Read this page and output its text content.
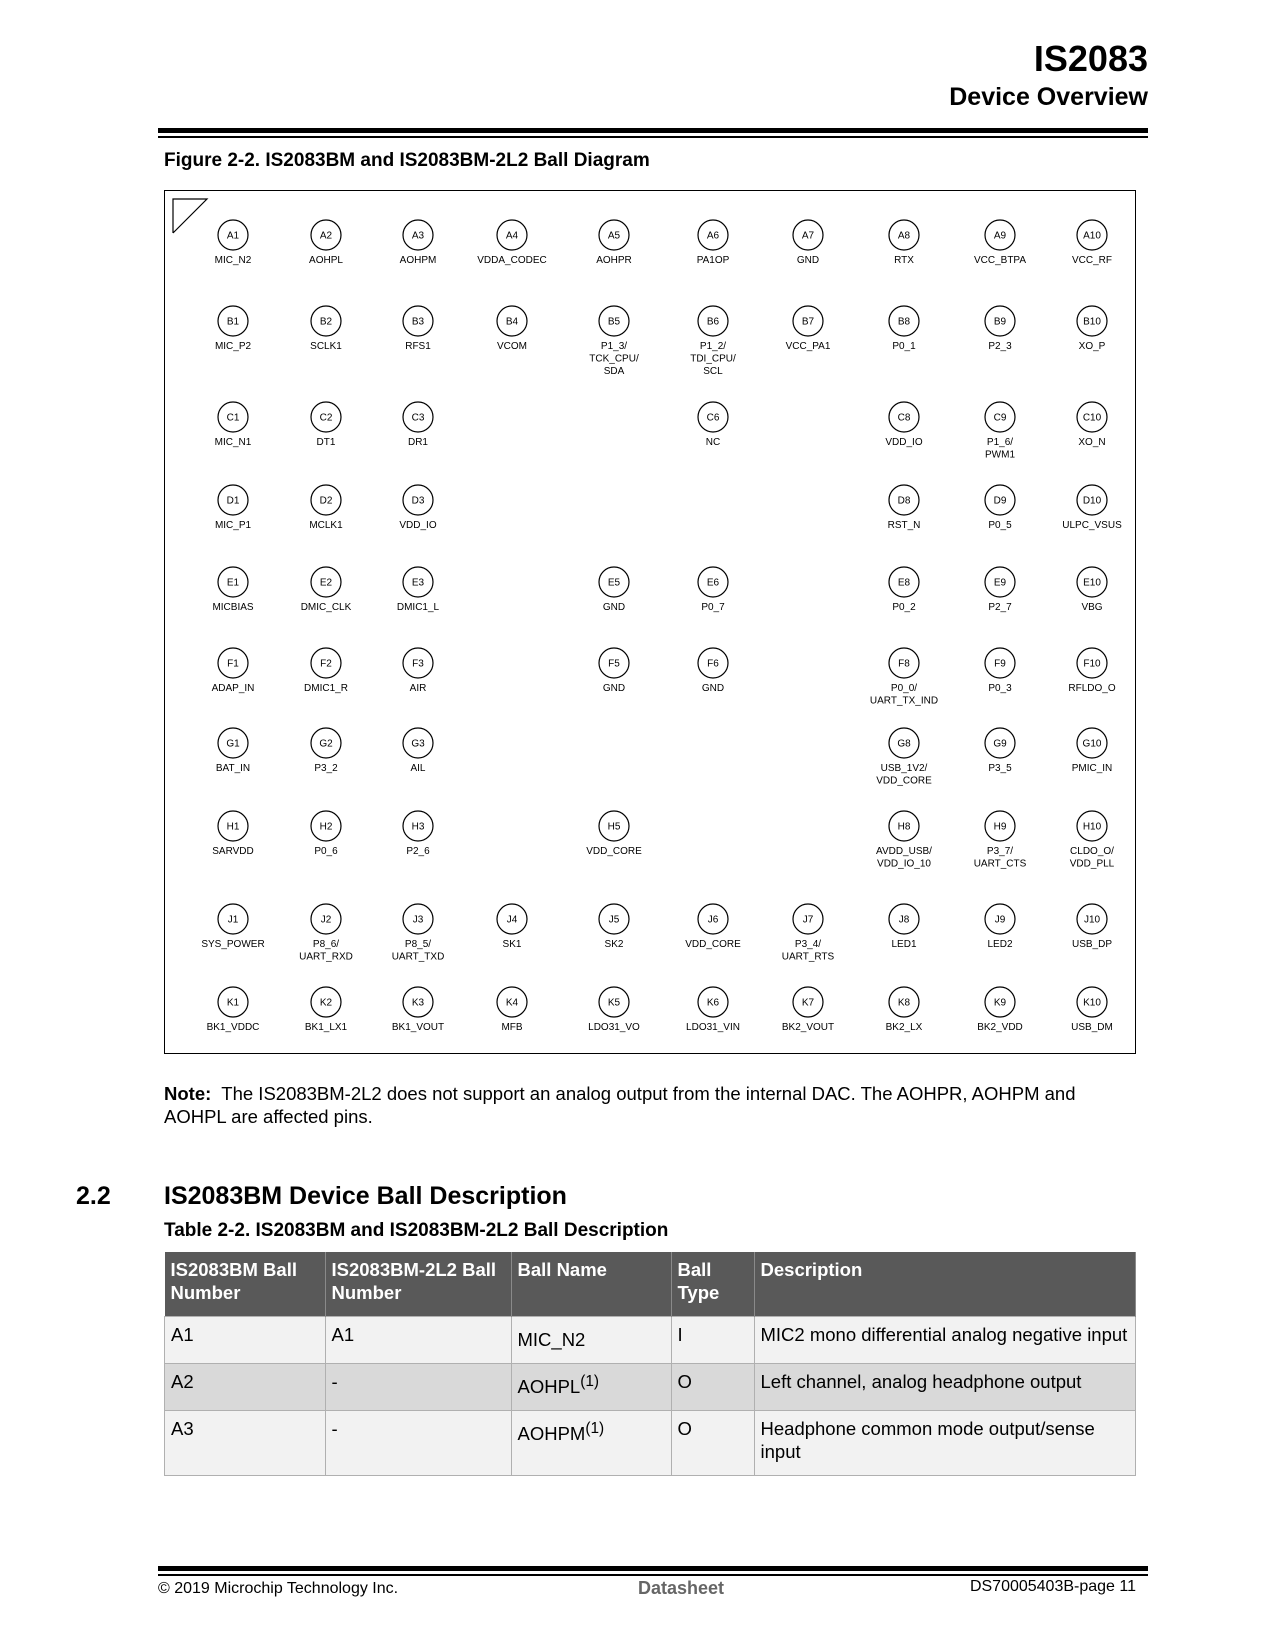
IS2083
Device Overview
Figure 2-2. IS2083BM and IS2083BM-2L2 Ball Diagram
A1
MIC_N2
A2
AOHPL
A3
AOHPM
A4
VDDA_CODEC
A5
AOHPR
A6
PA1OP
A7
GND
A8
RTX
A9
VCC_BTPA
A10
VCC_RF
B1
MIC_P2
B2
SCLK1
B3
RFS1
B4
VCOM
B5
P1_3/
TCK_CPU/
SDA
B6
P1_2/
TDI_CPU/
SCL
B7
VCC_PA1
B8
P0_1
B9
P2_3
B10
XO_P
C1
MIC_N1
C2
DT1
C3
DR1
C6
NC
C8
VDD_IO
C9
P1_6/
PWM1
C10
XO_N
D1
MIC_P1
D2
MCLK1
D3
VDD_IO
D8
RST_N
D9
P0_5
D10
ULPC_VSUS
E1
MICBIAS
E2
DMIC_CLK
E3
DMIC1_L
E5
GND
E6
P0_7
E8
P0_2
E9
P2_7
E10
VBG
F1
ADAP_IN
F2
DMIC1_R
F3
AIR
F5
GND
F6
GND
F8
P0_0/
UART_TX_IND
F9
P0_3
F10
RFLDO_O
G1
BAT_IN
G2
P3_2
G3
AIL
G8
USB_1V2/
VDD_CORE
G9
P3_5
G10
PMIC_IN
H1
SARVDD
H2
P0_6
H3
P2_6
H5
VDD_CORE
H8
AVDD_USB/
VDD_IO_10
H9
P3_7/
UART_CTS
H10
CLDO_O/
VDD_PLL
J1
SYS_POWER
J2
P8_6/
UART_RXD
J3
P8_5/
UART_TXD
J4
SK1
J5
SK2
J6
VDD_CORE
J7
P3_4/
UART_RTS
J8
LED1
J9
LED2
J10
USB_DP
K1
BK1_VDDC
K2
BK1_LX1
K3
BK1_VOUT
K4
MFB
K5
LDO31_VO
K6
LDO31_VIN
K7
BK2_VOUT
K8
BK2_LX
K9
BK2_VDD
K10
USB_DM
Note: The IS2083BM-2L2 does not support an analog output from the internal DAC. The AOHPR, AOHPM and AOHPL are affected pins.
2.2 IS2083BM Device Ball Description
Table 2-2. IS2083BM and IS2083BM-2L2 Ball Description
IS2083BM Ball Number	IS2083BM-2L2 Ball Number	Ball Name	Ball Type	Description
A1	A1	MIC_N2	I	MIC2 mono differential analog negative input
A2	-	AOHPL$^{(1)}$	O	Left channel, analog headphone output
A3	-	AOHPM$^{(1)}$	O	Headphone common mode output/sense input
© 2019 Microchip Technology Inc.	Datasheet	DS70005403B-page 11
